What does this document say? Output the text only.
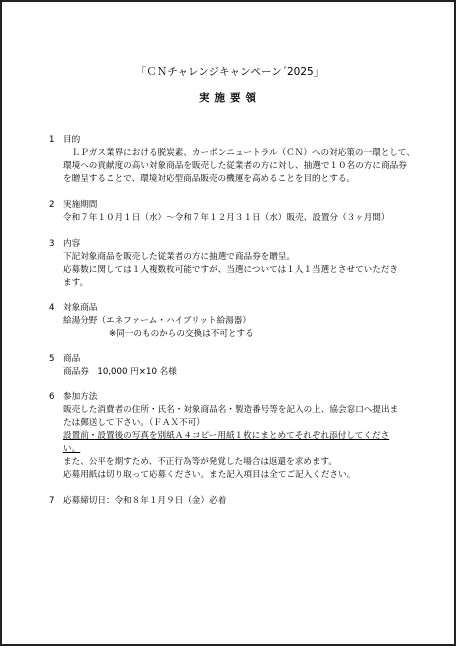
「ＣＮチャレンジキャンペーン´2025」
実施要領
1 目的
　ＬＰガス業界における脱炭素、カーボンニュートラル（ＣＮ）への対応策の一環として、
環境への貢献度の高い対象商品を販売した従業者の方に対し、抽選で１０名の方に商品券
を贈呈することで、環境対応型商品販売の機運を高めることを目的とする。
2 実施期間
令和７年１０月１日（水）～令和７年１２月３１日（水）販売、設置分（３ヶ月間）
3 内容
下記対象商品を販売した従業者の方に抽選で商品券を贈呈。
応募数に関しては１人複数枚可能ですが、当選については１人１当選とさせていただき
ます。
4 対象商品
給湯分野（エネファーム・ハイブリット給湯器）
※同一のものからの交換は不可とする
5 商品
商品券　10,000 円×10 名様
6 参加方法
販売した消費者の住所・氏名・対象商品名・製造番号等を記入の上、協会窓口へ提出ま
たは郵送して下さい。（ＦＡＸ不可）
設置前・設置後の写真を別紙Ａ４コピー用紙１枚にまとめてそれぞれ添付してくださ
い。
また、公平を期すため、不正行為等が発覚した場合は返還を求めます。
応募用紙は切り取って応募ください。また記入項目は全てご記入ください。
7 応募締切日：令和８年１月９日（金）必着
